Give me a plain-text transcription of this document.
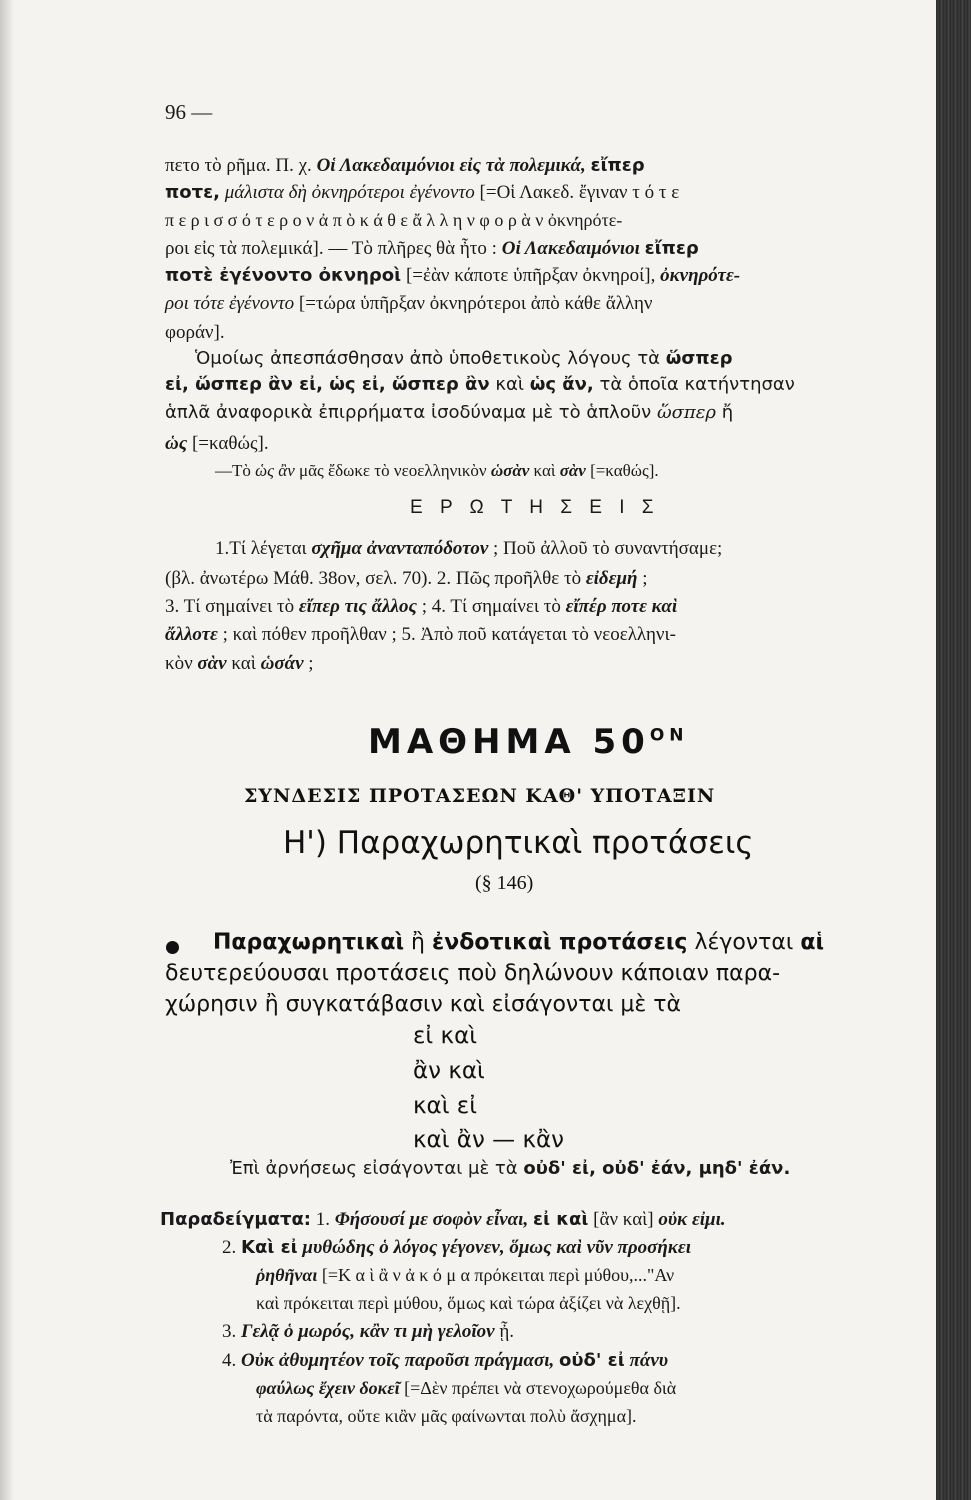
96 —
πετο τὸ ρῆμα. Π. χ. Οἱ Λακεδαιμόνιοι εἰς τὰ πολεμικά, εἴπερ
ποτε, μάλιστα δὴ ὀκνηρότεροι ἐγένοντο [=Οἱ Λακεδ. ἔγιναν τ ό τ ε
π ε ρ ι σ σ ό τ ε ρ ο ν ἀ π ὸ κ ά θ ε ἄ λ λ η ν φ ο ρ ὰ ν ὀκνηρότε-
ροι εἰς τὰ πολεμικά]. — Τὸ πλῆρες θὰ ἦτο : Οἱ Λακεδαιμόνιοι εἴπερ
ποτὲ ἐγένοντο ὀκνηροὶ [=ἐὰν κάποτε ὑπῆρξαν ὀκνηροί], ὀκνηρότε-
ροι τότε ἐγένοντο [=τώρα ὑπῆρξαν ὀκνηρότεροι ἀπὸ κάθε ἄλλην
φοράν].
Ὁμοίως ἀπεσπάσθησαν ἀπὸ ὑποθετικοὺς λόγους τὰ ὥσπερ
εἰ, ὥσπερ ἂν εἰ, ὡς εἰ, ὥσπερ ἂν καὶ ὡς ἄν, τὰ ὁποῖα κατήντησαν
ἁπλᾶ ἀναφορικὰ ἐπιρρήματα ἰσοδύναμα μὲ τὸ ἁπλοῦν ὥσπερ ἤ
ὡς [=καθώς].
—Τὸ ὡς ἂν μᾶς ἔδωκε τὸ νεοελληνικὸν ὡσὰν καὶ σὰν [=καθώς].
Ε Ρ Ω Τ Η Σ Ε Ι Σ
1.Τί λέγεται σχῆμα ἀνανταπόδοτον ; Ποῦ ἀλλοῦ τὸ συναντήσαμε;
(βλ. ἀνωτέρω Μάθ. 38ον, σελ. 70). 2. Πῶς προῆλθε τὸ εἰδεμή ;
3. Τί σημαίνει τὸ εἴπερ τις ἄλλος ; 4. Τί σημαίνει τὸ εἴπέρ ποτε καὶ
ἄλλοτε ; καὶ πόθεν προῆλθαν ; 5. Ἀπὸ ποῦ κατάγεται τὸ νεοελληνι-
κὸν σὰν καὶ ὡσάν ;
ΜΑΘΗΜΑ $50^{ON}$
ΣΥΝΔΕΣΙΣ ΠΡΟΤΑΣΕΩΝ ΚΑΘ' ΥΠΟΤΑΞΙΝ
Η') Παραχωρητικαὶ προτάσεις
(§ 146)
Παραχωρητικαὶ ἢ ἐνδοτικαὶ προτάσεις λέγονται αἱ
δευτερεύουσαι προτάσεις ποὺ δηλώνουν κάποιαν παρα-
χώρησιν ἢ συγκατάβασιν καὶ εἰσάγονται μὲ τὰ
εἰ καὶ
ἂν καὶ
καὶ εἰ
καὶ ἂν — κἂν
Ἐπὶ ἀρνήσεως εἰσάγονται μὲ τὰ οὐδ' εἰ, οὐδ' ἐάν, μηδ' ἐάν.
Παραδείγματα: 1. Φήσουσί με σοφὸν εἶναι, εἰ καὶ [ἂν καὶ] οὐκ εἰμι.
2. Καὶ εἰ μυθώδης ὁ λόγος γέγονεν, ὅμως καὶ νῦν προσήκει
ῥηθῆναι [=Κ α ὶ ἂ ν ἀ κ ό μ α πρόκειται περὶ μύθου,..."Αν
καὶ πρόκειται περὶ μύθου, ὅμως καὶ τώρα ἀξίζει νὰ λεχθῇ].
3. Γελᾷ ὁ μωρός, κἂν τι μὴ γελοῖον ᾖ.
4. Οὐκ ἀθυμητέον τοῖς παροῦσι πράγμασι, οὐδ' εἰ πάνυ
φαύλως ἔχειν δοκεῖ [=Δὲν πρέπει νὰ στενοχωρούμεθα διὰ
τὰ παρόντα, οὔτε κιἂν μᾶς φαίνωνται πολὺ ἄσχημα].
